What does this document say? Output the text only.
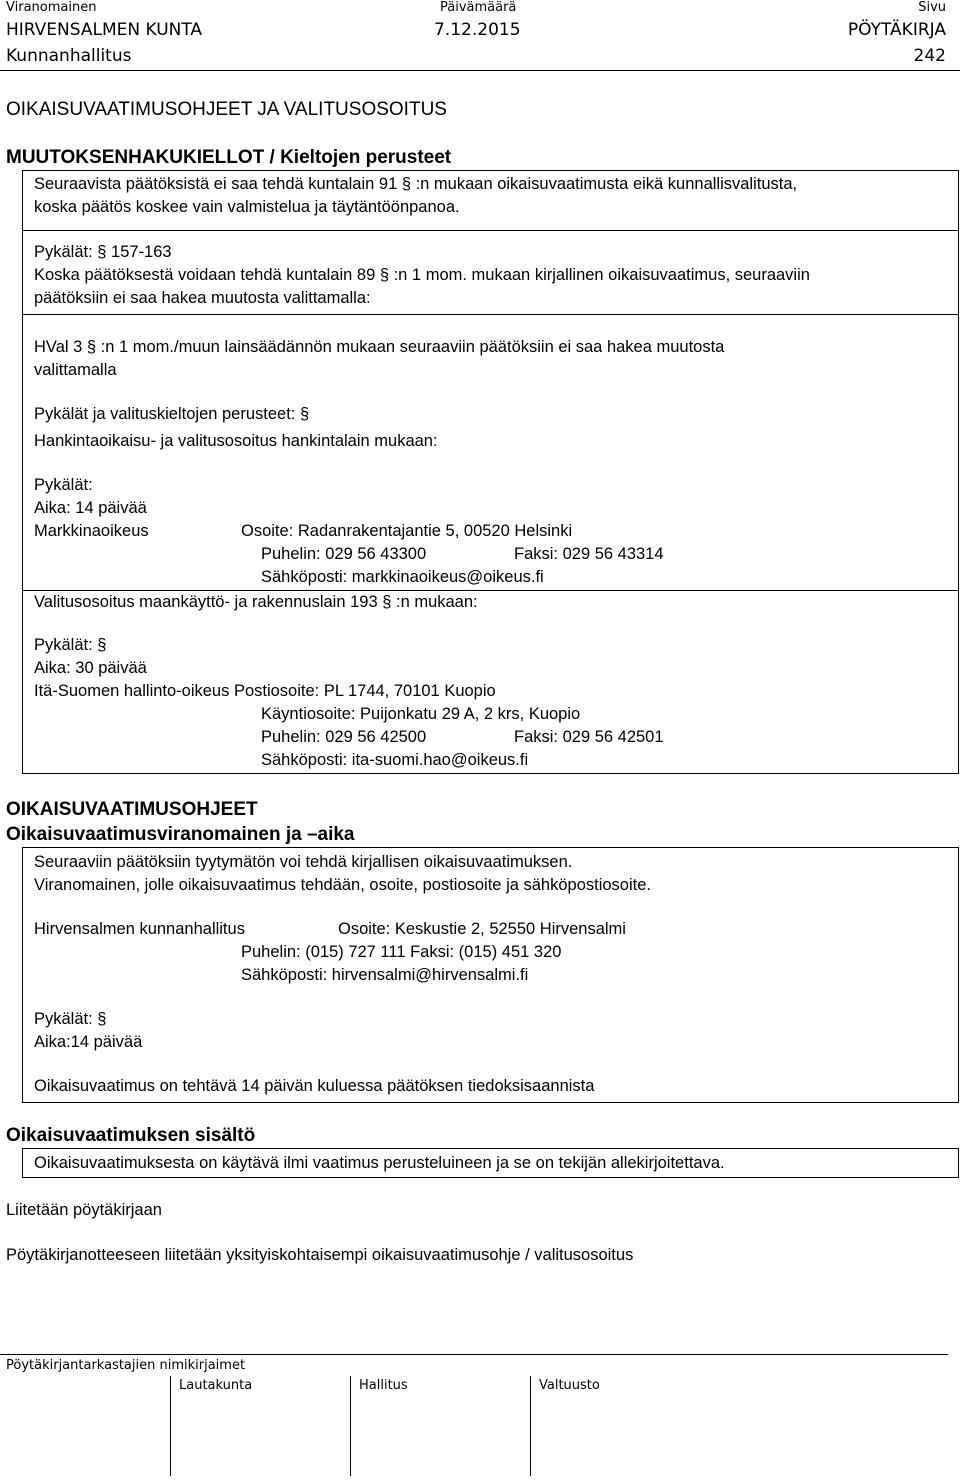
Viranomainen	Päivämäärä	Sivu
HIRVENSALMEN KUNTA	7.12.2015	PÖYTÄKIRJA
Kunnanhallitus	242
OIKAISUVAATIMUSOHJEET JA VALITUSOSOITUS
MUUTOKSENHAKUKIELLOT / Kieltojen perusteet
Seuraavista päätöksistä ei saa tehdä kuntalain 91 § :n mukaan oikaisuvaatimusta eikä kunnallisvalitusta,
koska päätös koskee vain valmistelua ja täytäntöönpanoa.
Pykälät: § 157-163
Koska päätöksestä voidaan tehdä kuntalain 89 § :n 1 mom. mukaan kirjallinen oikaisuvaatimus, seuraaviin
päätöksiin ei saa hakea muutosta valittamalla:
HVal 3 § :n 1 mom./muun lainsäädännön mukaan seuraaviin päätöksiin ei saa hakea muutosta
valittamalla
Pykälät ja valituskieltojen perusteet: §
Hankintaoikaisu- ja valitusosoitus hankintalain mukaan:
Pykälät:
Aika: 14 päivää
Markkinaoikeus	Osoite: Radanrakentajantie 5, 00520 Helsinki
Puhelin: 029 56 43300	Faksi: 029 56 43314
Sähköposti: markkinaoikeus@oikeus.fi
Valitusosoitus maankäyttö- ja rakennuslain 193 § :n mukaan:
Pykälät: §
Aika: 30 päivää
Itä-Suomen hallinto-oikeus Postiosoite: PL 1744, 70101 Kuopio
Käyntiosoite: Puijonkatu 29 A, 2 krs, Kuopio
Puhelin: 029 56 42500	Faksi: 029 56 42501
Sähköposti: ita-suomi.hao@oikeus.fi
OIKAISUVAATIMUSOHJEET
Oikaisuvaatimusviranomainen ja –aika
Seuraaviin päätöksiin tyytymätön voi tehdä kirjallisen oikaisuvaatimuksen.
Viranomainen, jolle oikaisuvaatimus tehdään, osoite, postiosoite ja sähköpostiosoite.
Hirvensalmen kunnanhallitus	Osoite: Keskustie 2, 52550 Hirvensalmi
Puhelin: (015) 727 111 Faksi: (015) 451 320
Sähköposti: hirvensalmi@hirvensalmi.fi
Pykälät: §
Aika:14 päivää
Oikaisuvaatimus on tehtävä 14 päivän kuluessa päätöksen tiedoksisaannista
Oikaisuvaatimuksen sisältö
Oikaisuvaatimuksesta on käytävä ilmi vaatimus perusteluineen ja se on tekijän allekirjoitettava.
Liitetään pöytäkirjaan
Pöytäkirjanotteeseen liitetään yksityiskohtaisempi oikaisuvaatimusohje / valitusosoitus
Pöytäkirjantarkastajien nimikirjaimet
Lautakunta	Hallitus	Valtuusto
